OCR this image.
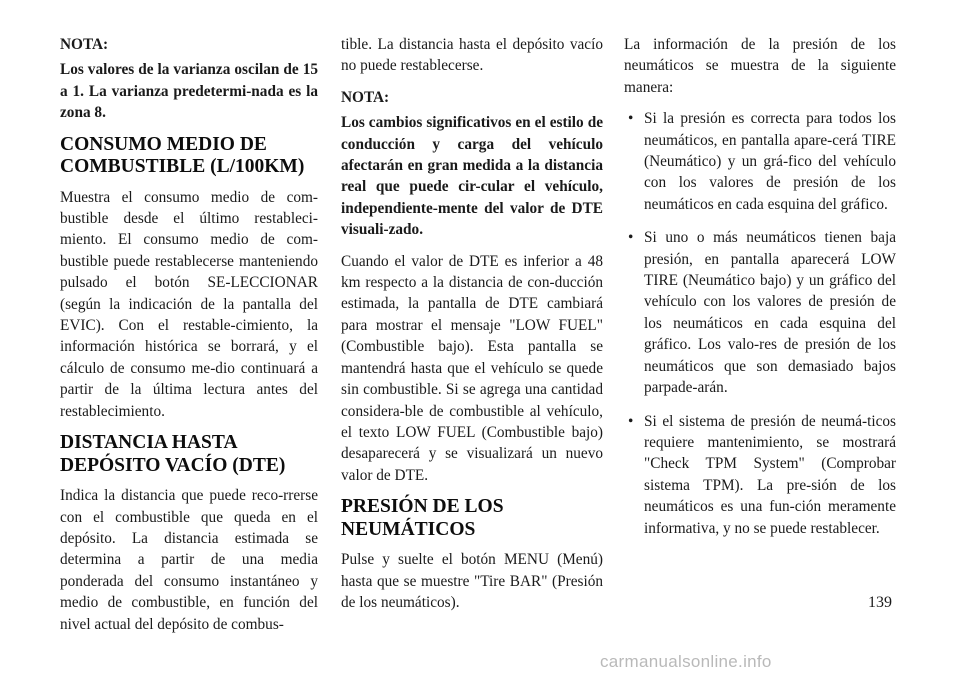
NOTA:

Los valores de la varianza oscilan de 15 a 1. La varianza predetermi-nada es la zona 8.

CONSUMO MEDIO DE COMBUSTIBLE (L/100KM)

Muestra el consumo medio de com-bustible desde el último restableci-miento. El consumo medio de com-bustible puede restablecerse manteniendo pulsado el botón SE-LECCIONAR (según la indicación de la pantalla del EVIC). Con el restable-cimiento, la información histórica se borrará, y el cálculo de consumo me-dio continuará a partir de la última lectura antes del restablecimiento.

DISTANCIA HASTA DEPÓSITO VACÍO (DTE)

Indica la distancia que puede reco-rrerse con el combustible que queda en el depósito. La distancia estimada se determina a partir de una media ponderada del consumo instantáneo y medio de combustible, en función del nivel actual del depósito de combus-

tible. La distancia hasta el depósito vacío no puede restablecerse.

NOTA:

Los cambios significativos en el estilo de conducción y carga del vehículo afectarán en gran medida a la distancia real que puede cir-cular el vehículo, independiente-mente del valor de DTE visuali-zado.

Cuando el valor de DTE es inferior a 48 km respecto a la distancia de con-ducción estimada, la pantalla de DTE cambiará para mostrar el mensaje "LOW FUEL" (Combustible bajo). Esta pantalla se mantendrá hasta que el vehículo se quede sin combustible. Si se agrega una cantidad considera-ble de combustible al vehículo, el texto LOW FUEL (Combustible bajo) desaparecerá y se visualizará un nuevo valor de DTE.

PRESIÓN DE LOS NEUMÁTICOS

Pulse y suelte el botón MENU (Menú) hasta que se muestre "Tire BAR" (Presión de los neumáticos).

La información de la presión de los neumáticos se muestra de la siguiente manera:

• Si la presión es correcta para todos los neumáticos, en pantalla apare-cerá TIRE (Neumático) y un grá-fico del vehículo con los valores de presión de los neumáticos en cada esquina del gráfico.
• Si uno o más neumáticos tienen baja presión, en pantalla aparecerá LOW TIRE (Neumático bajo) y un gráfico del vehículo con los valores de presión de los neumáticos en cada esquina del gráfico. Los valo-res de presión de los neumáticos que son demasiado bajos parpade-arán.
• Si el sistema de presión de neumá-ticos requiere mantenimiento, se mostrará "Check TPM System" (Comprobar sistema TPM). La pre-sión de los neumáticos es una fun-ción meramente informativa, y no se puede restablecer.
139
carmanualsonline.info
